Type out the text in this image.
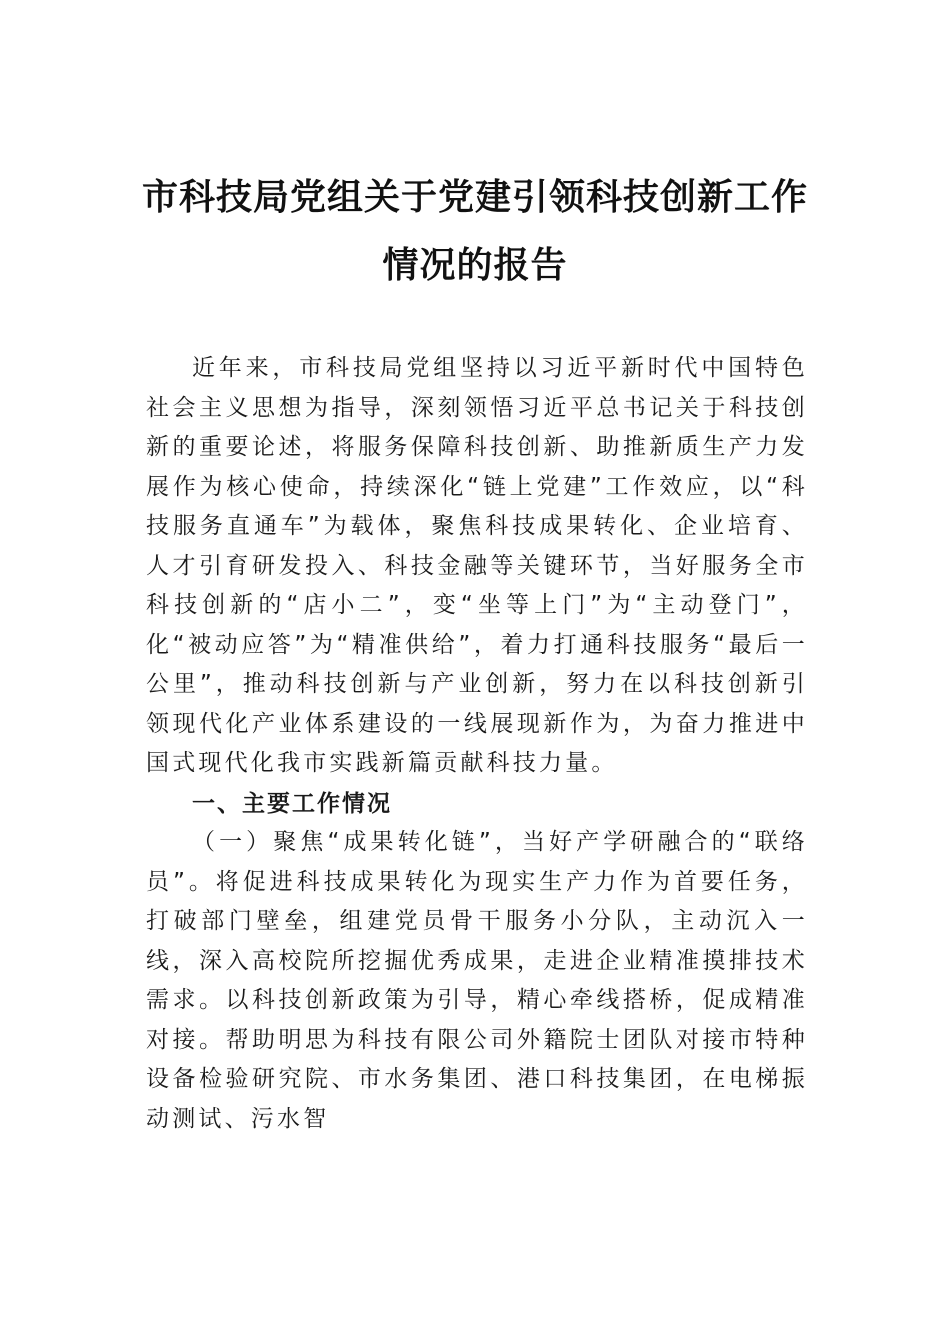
市科技局党组关于党建引领科技创新工作
情况的报告

近年来，市科技局党组坚持以习近平新时代中国特色社会主义思想为指导，深刻领悟习近平总书记关于科技创新的重要论述，将服务保障科技创新、助推新质生产力发展作为核心使命，持续深化“链上党建”工作效应，以“科技服务直通车”为载体，聚焦科技成果转化、企业培育、人才引育研发投入、科技金融等关键环节，当好服务全市科技创新的“店小二”，变“坐等上门”为“主动登门”，化“被动应答”为“精准供给”，着力打通科技服务“最后一公里”，推动科技创新与产业创新，努力在以科技创新引领现代化产业体系建设的一线展现新作为，为奋力推进中国式现代化我市实践新篇贡献科技力量。

一、主要工作情况

（一）聚焦“成果转化链”，当好产学研融合的“联络员”。将促进科技成果转化为现实生产力作为首要任务，打破部门壁垒，组建党员骨干服务小分队，主动沉入一线，深入高校院所挖掘优秀成果，走进企业精准摸排技术需求。以科技创新政策为引导，精心牵线搭桥，促成精准对接。帮助明思为科技有限公司外籍院士团队对接市特种设备检验研究院、市水务集团、港口科技集团，在电梯振动测试、污水智
